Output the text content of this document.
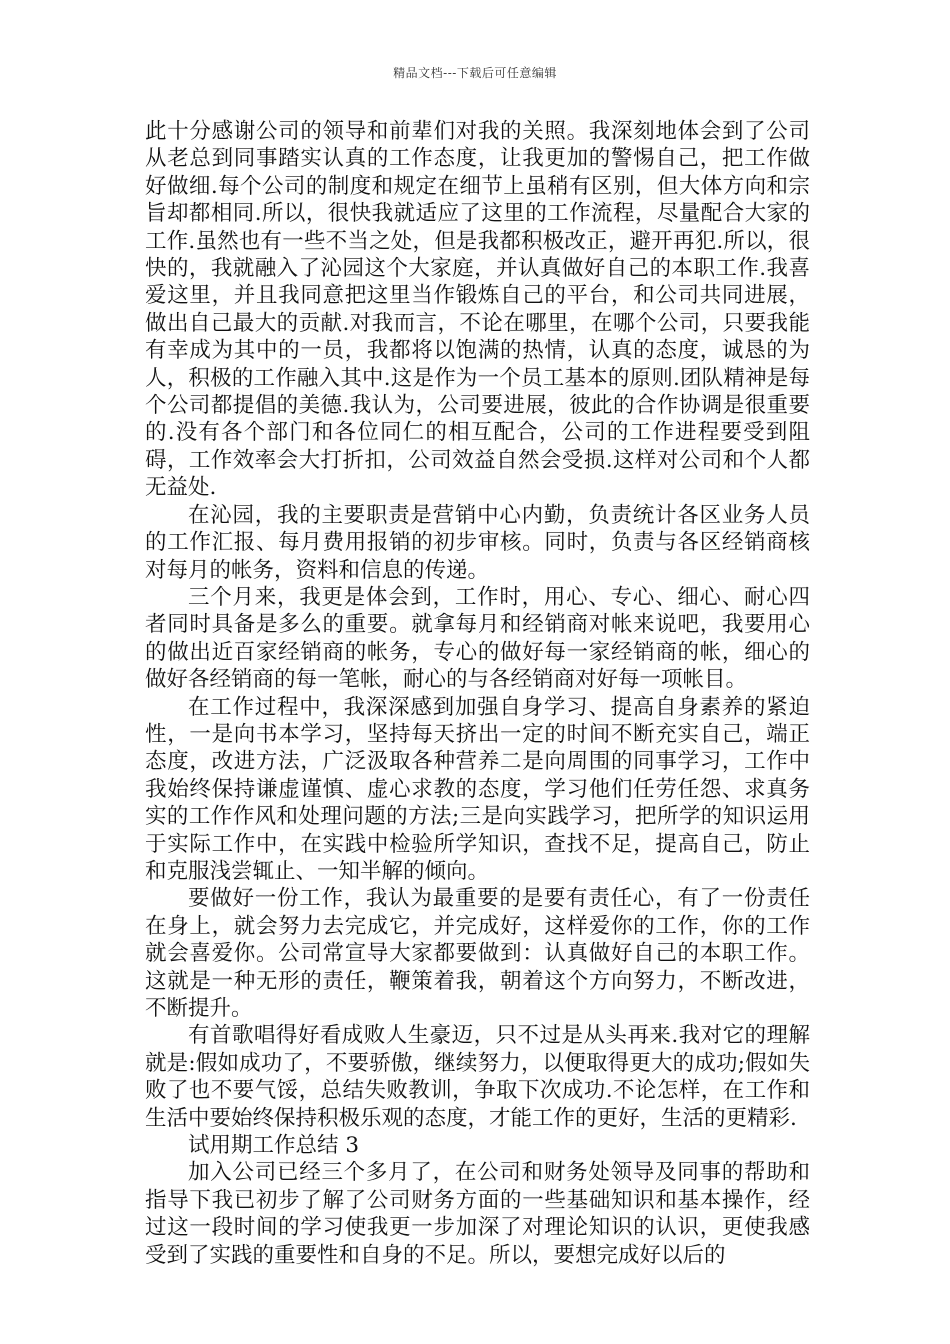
精品文档---下载后可任意编辑

此十分感谢公司的领导和前辈们对我的关照。我深刻地体会到了公司从老总到同事踏实认真的工作态度，让我更加的警惕自己，把工作做好做细.每个公司的制度和规定在细节上虽稍有区别，但大体方向和宗旨却都相同.所以，很快我就适应了这里的工作流程，尽量配合大家的工作.虽然也有一些不当之处，但是我都积极改正，避开再犯.所以，很快的，我就融入了沁园这个大家庭，并认真做好自己的本职工作.我喜爱这里，并且我同意把这里当作锻炼自己的平台，和公司共同进展，做出自己最大的贡献.对我而言，不论在哪里，在哪个公司，只要我能有幸成为其中的一员，我都将以饱满的热情，认真的态度，诚恳的为人，积极的工作融入其中.这是作为一个员工基本的原则.团队精神是每个公司都提倡的美德.我认为，公司要进展，彼此的合作协调是很重要的.没有各个部门和各位同仁的相互配合，公司的工作进程要受到阻碍，工作效率会大打折扣，公司效益自然会受损.这样对公司和个人都无益处.

在沁园，我的主要职责是营销中心内勤，负责统计各区业务人员的工作汇报、每月费用报销的初步审核。同时，负责与各区经销商核对每月的帐务，资料和信息的传递。

三个月来，我更是体会到，工作时，用心、专心、细心、耐心四者同时具备是多么的重要。就拿每月和经销商对帐来说吧，我要用心的做出近百家经销商的帐务，专心的做好每一家经销商的帐，细心的做好各经销商的每一笔帐，耐心的与各经销商对好每一项帐目。

在工作过程中，我深深感到加强自身学习、提高自身素养的紧迫性，一是向书本学习，坚持每天挤出一定的时间不断充实自己，端正态度，改进方法，广泛汲取各种营养二是向周围的同事学习，工作中我始终保持谦虚谨慎、虚心求教的态度，学习他们任劳任怨、求真务实的工作作风和处理问题的方法;三是向实践学习，把所学的知识运用于实际工作中，在实践中检验所学知识，查找不足，提高自己，防止和克服浅尝辄止、一知半解的倾向。

要做好一份工作，我认为最重要的是要有责任心，有了一份责任在身上，就会努力去完成它，并完成好，这样爱你的工作，你的工作就会喜爱你。公司常宣导大家都要做到：认真做好自己的本职工作。这就是一种无形的责任，鞭策着我，朝着这个方向努力，不断改进，不断提升。

有首歌唱得好看成败人生豪迈，只不过是从头再来.我对它的理解就是:假如成功了，不要骄傲，继续努力，以便取得更大的成功;假如失败了也不要气馁，总结失败教训，争取下次成功.不论怎样，在工作和生活中要始终保持积极乐观的态度，才能工作的更好，生活的更精彩.

试用期工作总结 3

加入公司已经三个多月了，在公司和财务处领导及同事的帮助和指导下我已初步了解了公司财务方面的一些基础知识和基本操作，经过这一段时间的学习使我更一步加深了对理论知识的认识，更使我感受到了实践的重要性和自身的不足。所以，要想完成好以后的
